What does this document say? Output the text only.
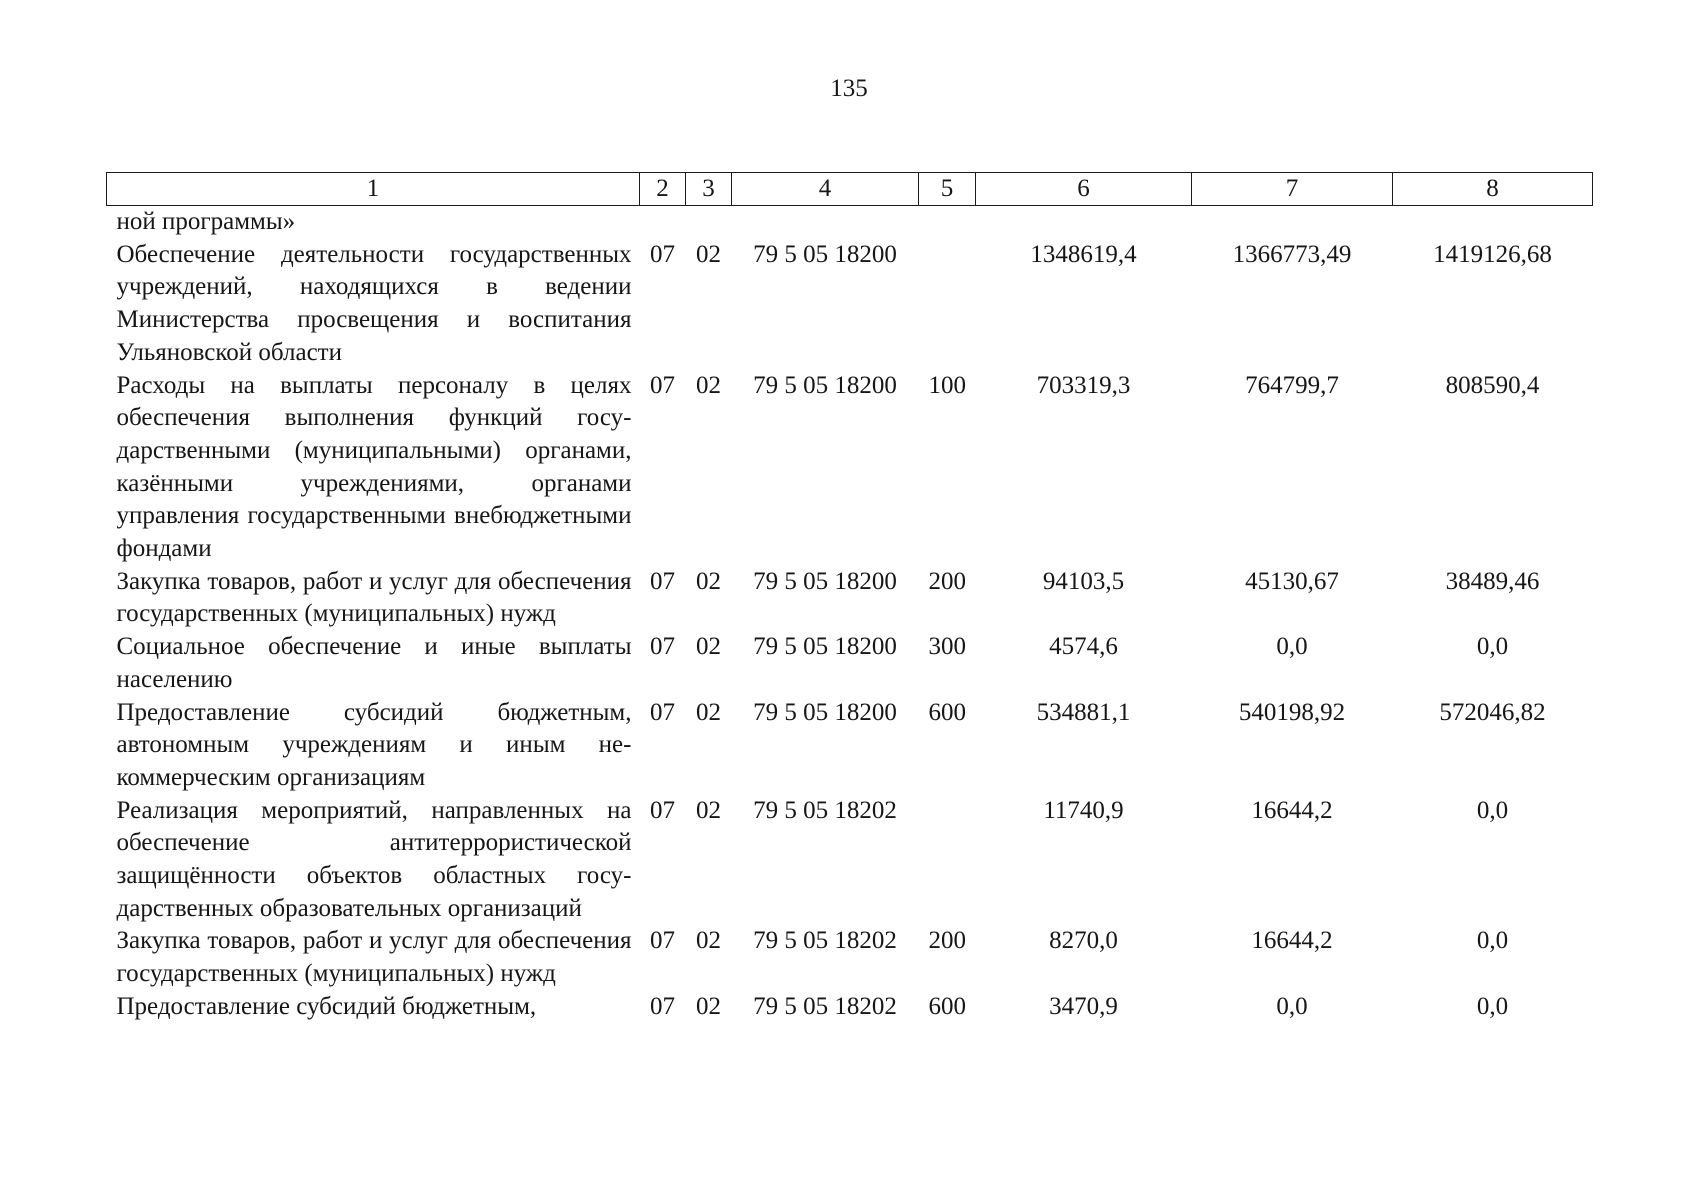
135
1	2	3	4	5	6	7	8
ной программы»							
Обеспечение деятельности государственных учреждений, находящихся в ведении Министерства просвещения и воспитания Ульяновской области	07	02	79 5 05 18200		1348619,4	1366773,49	1419126,68
Расходы на выплаты персоналу в целях обеспечения выполнения функций государственными (муниципальными) органами, казёнными учреждениями, органами управления государственными внебюджетными фондами	07	02	79 5 05 18200	100	703319,3	764799,7	808590,4
Закупка товаров, работ и услуг для обеспечения государственных (муниципальных) нужд	07	02	79 5 05 18200	200	94103,5	45130,67	38489,46
Социальное обеспечение и иные выплаты населению	07	02	79 5 05 18200	300	4574,6	0,0	0,0
Предоставление субсидий бюджетным, автономным учреждениям и иным некоммерческим организациям	07	02	79 5 05 18200	600	534881,1	540198,92	572046,82
Реализация мероприятий, направленных на обеспечение антитеррористической защищённости объектов областных государственных образовательных организаций	07	02	79 5 05 18202		11740,9	16644,2	0,0
Закупка товаров, работ и услуг для обеспечения государственных (муниципальных) нужд	07	02	79 5 05 18202	200	8270,0	16644,2	0,0
Предоставление субсидий бюджетным,	07	02	79 5 05 18202	600	3470,9	0,0	0,0
